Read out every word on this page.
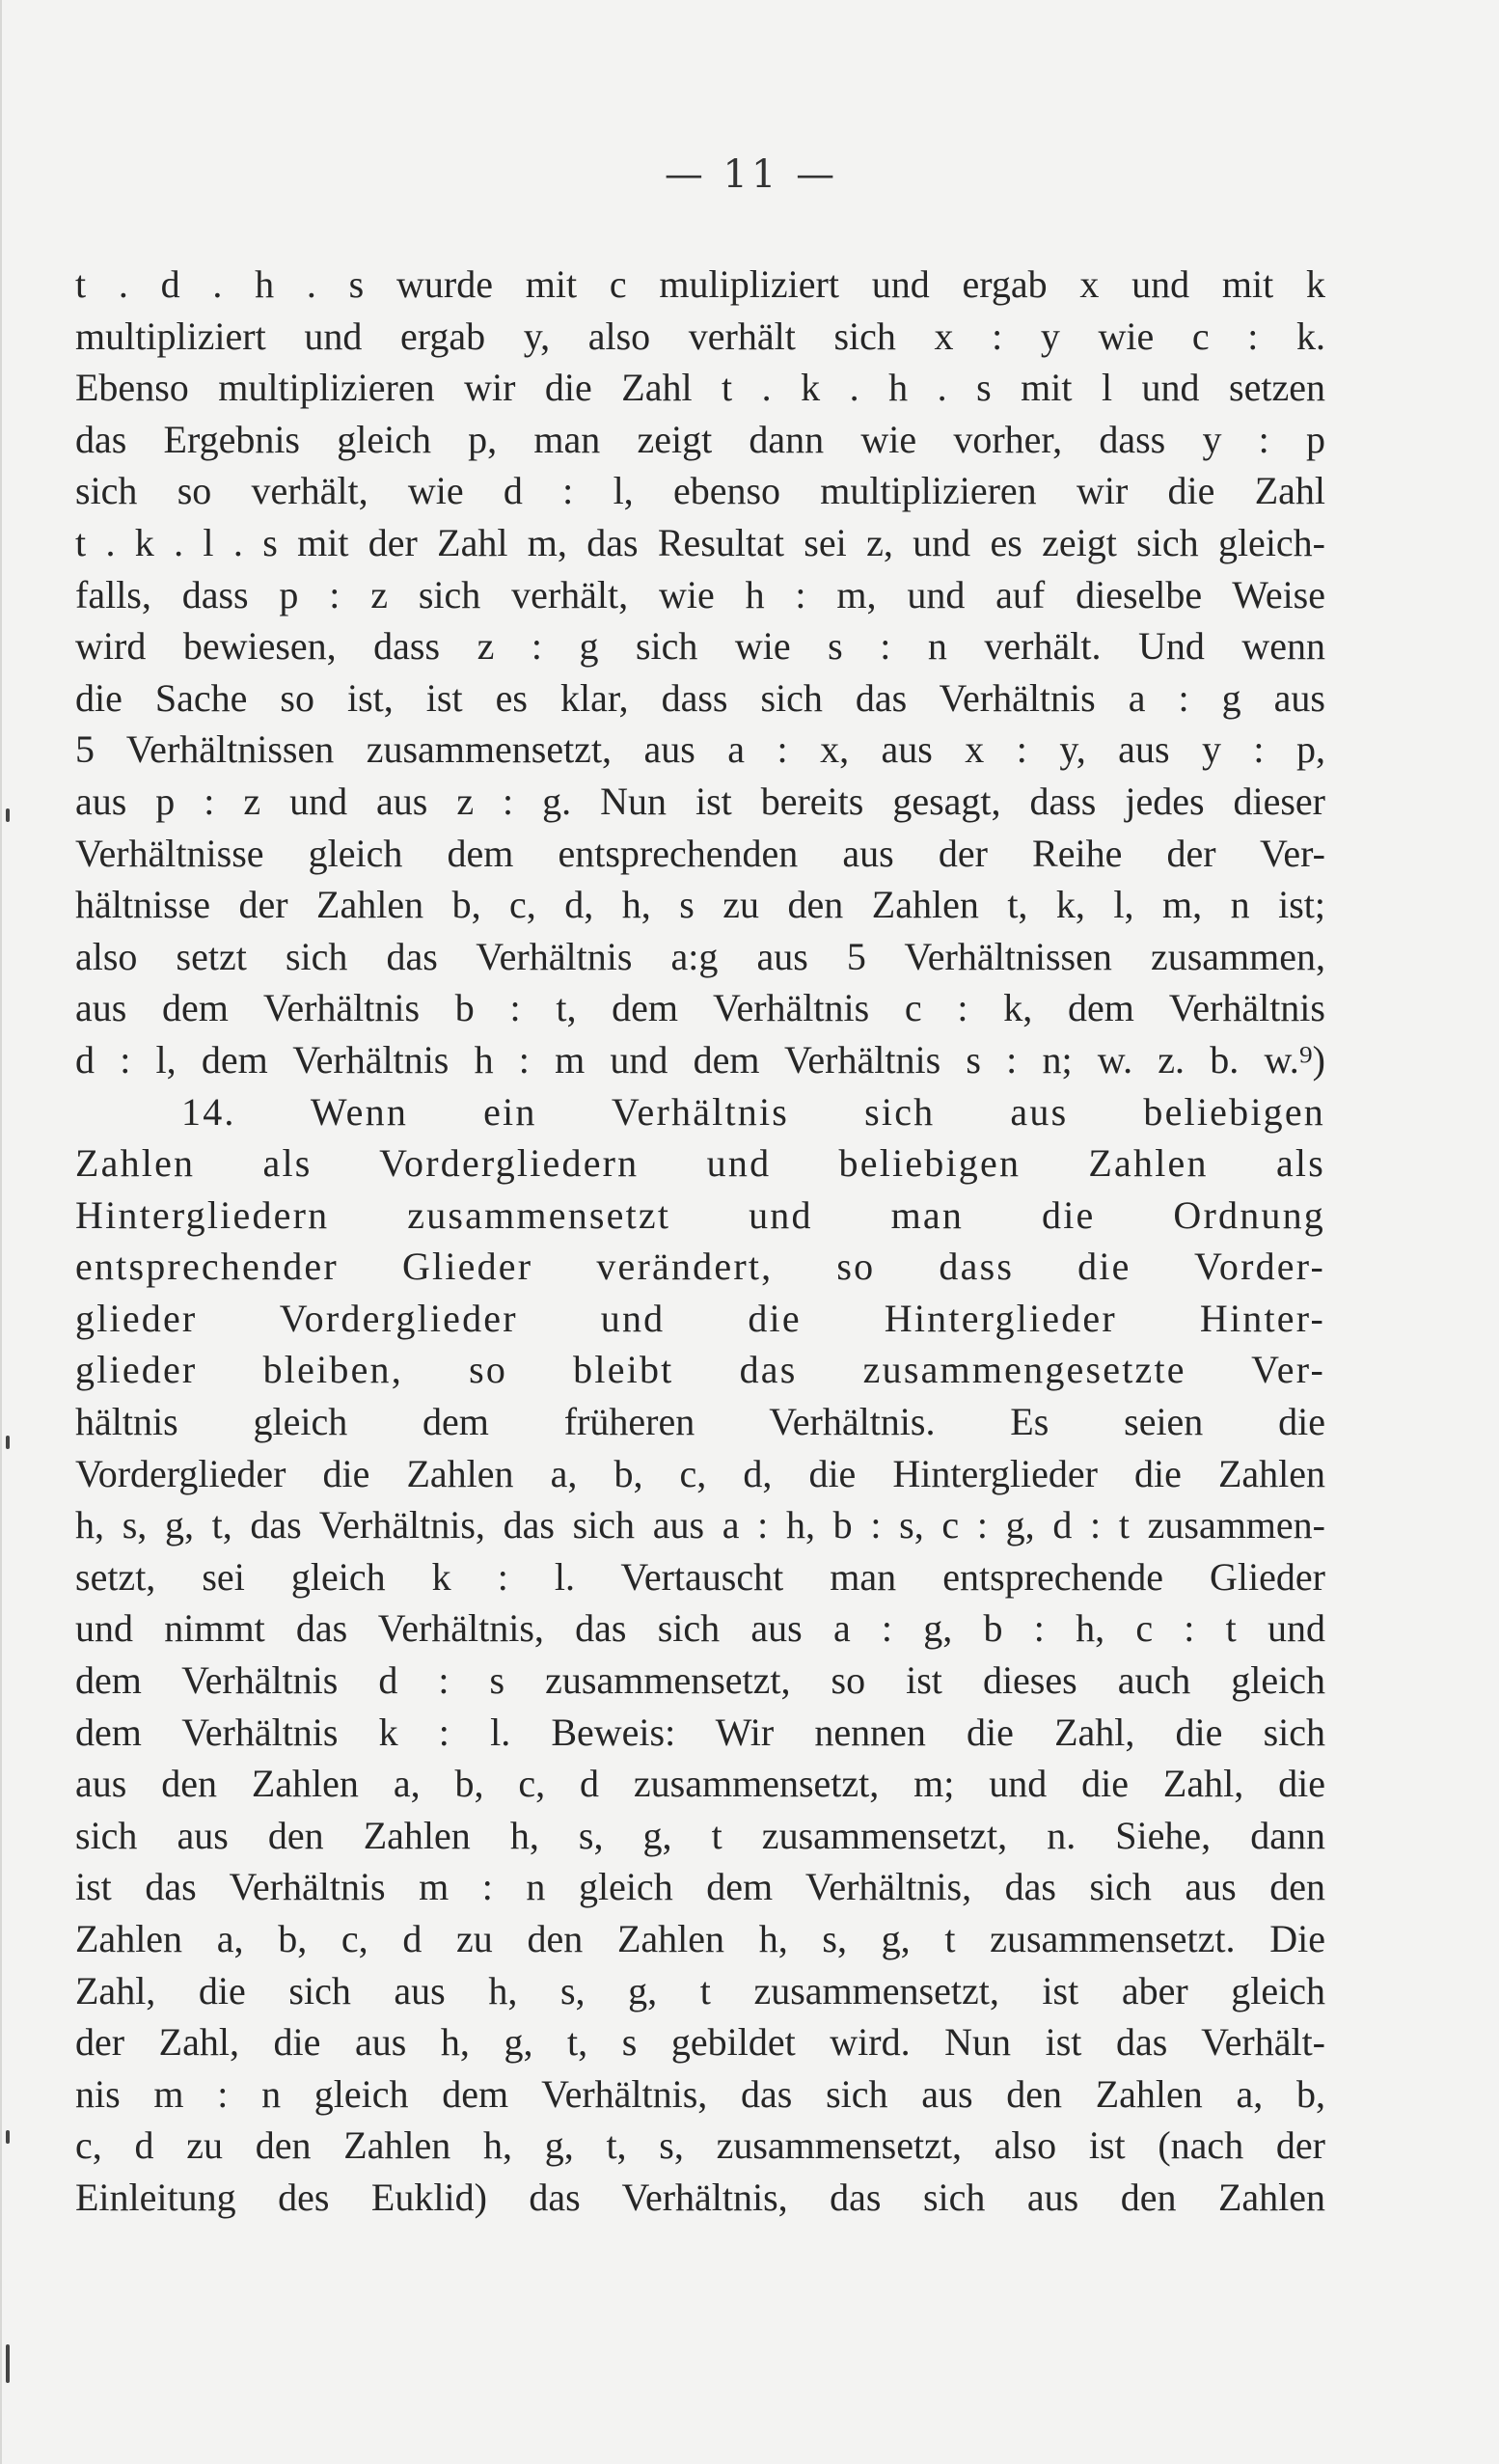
— 11 —
t . d . h . s wurde mit c mulipliziert und ergab x und mit k
multipliziert und ergab y, also verhält sich x : y wie c : k.
Ebenso multiplizieren wir die Zahl t . k . h . s mit l und setzen
das Ergebnis gleich p, man zeigt dann wie vorher, dass y : p
sich so verhält, wie d : l, ebenso multiplizieren wir die Zahl
t . k . l . s mit der Zahl m, das Resultat sei z, und es zeigt sich gleich-
falls, dass p : z sich verhält, wie h : m, und auf dieselbe Weise
wird bewiesen, dass z : g sich wie s : n verhält. Und wenn
die Sache so ist, ist es klar, dass sich das Verhältnis a : g aus
5 Verhältnissen zusammensetzt, aus a : x, aus x : y, aus y : p,
aus p : z und aus z : g. Nun ist bereits gesagt, dass jedes dieser
Verhältnisse gleich dem entsprechenden aus der Reihe der Ver-
hältnisse der Zahlen b, c, d, h, s zu den Zahlen t, k, l, m, n ist;
also setzt sich das Verhältnis a:g aus 5 Verhältnissen zusammen,
aus dem Verhältnis b : t, dem Verhältnis c : k, dem Verhältnis
d : l, dem Verhältnis h : m und dem Verhältnis s : n; w. z. b. w.⁹)
14. Wenn ein Verhältnis sich aus beliebigen
Zahlen als Vordergliedern und beliebigen Zahlen als
Hintergliedern zusammensetzt und man die Ordnung
entsprechender Glieder verändert, so dass die Vorder-
glieder Vorderglieder und die Hinterglieder Hinter-
glieder bleiben, so bleibt das zusammengesetzte Ver-
hältnis gleich dem früheren Verhältnis. Es seien die
Vorderglieder die Zahlen a, b, c, d, die Hinterglieder die Zahlen
h, s, g, t, das Verhältnis, das sich aus a : h, b : s, c : g, d : t zusammen-
setzt, sei gleich k : l. Vertauscht man entsprechende Glieder
und nimmt das Verhältnis, das sich aus a : g, b : h, c : t und
dem Verhältnis d : s zusammensetzt, so ist dieses auch gleich
dem Verhältnis k : l. Beweis: Wir nennen die Zahl, die sich
aus den Zahlen a, b, c, d zusammensetzt, m; und die Zahl, die
sich aus den Zahlen h, s, g, t zusammensetzt, n. Siehe, dann
ist das Verhältnis m : n gleich dem Verhältnis, das sich aus den
Zahlen a, b, c, d zu den Zahlen h, s, g, t zusammensetzt. Die
Zahl, die sich aus h, s, g, t zusammensetzt, ist aber gleich
der Zahl, die aus h, g, t, s gebildet wird. Nun ist das Verhält-
nis m : n gleich dem Verhältnis, das sich aus den Zahlen a, b,
c, d zu den Zahlen h, g, t, s, zusammensetzt, also ist (nach der
Einleitung des Euklid) das Verhältnis, das sich aus den Zahlen
